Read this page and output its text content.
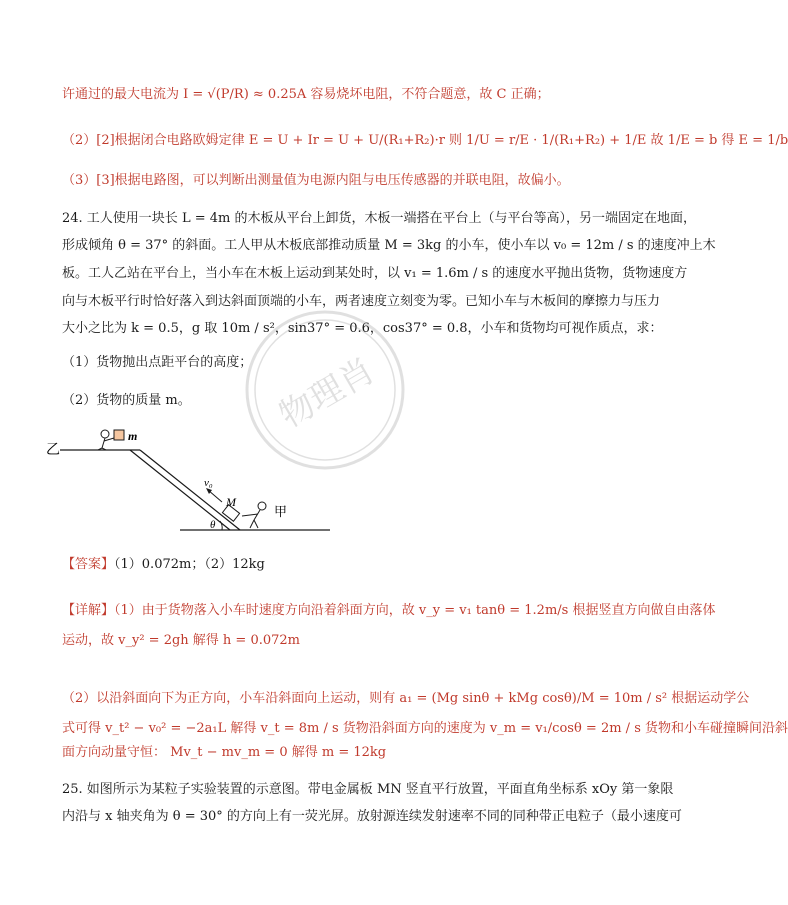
许通过的最大电流为 I = √(P/R) ≈ 0.25A 容易烧坏电阻，不符合题意，故 C 正确；
（2）[2]根据闭合电路欧姆定律 E = U + Ir = U + U/(R₁+R₂)·r 则 1/U = r/E · 1/(R₁+R₂) + 1/E 故 1/E = b 得 E = 1/b
（3）[3]根据电路图，可以判断出测量值为电源内阻与电压传感器的并联电阻，故偏小。
24. 工人使用一块长 L = 4m 的木板从平台上卸货，木板一端搭在平台上（与平台等高），另一端固定在地面，
形成倾角 θ = 37° 的斜面。工人甲从木板底部推动质量 M = 3kg 的小车，使小车以 v₀ = 12m / s 的速度冲上木
板。工人乙站在平台上，当小车在木板上运动到某处时，以 v₁ = 1.6m / s 的速度水平抛出货物，货物速度方
向与木板平行时恰好落入到达斜面顶端的小车，两者速度立刻变为零。已知小车与木板间的摩擦力与压力
大小之比为 k = 0.5，g 取 10m / s²，sin37° = 0.6，cos37° = 0.8，小车和货物均可视作质点，求：
（1）货物抛出点距平台的高度；
（2）货物的质量 m。
乙
m
v₀
M
甲
θ
物理肖
【答案】（1）0.072m；（2）12kg
【详解】（1）由于货物落入小车时速度方向沿着斜面方向，故 v_y = v₁ tanθ = 1.2m/s 根据竖直方向做自由落体
运动，故 v_y² = 2gh 解得 h = 0.072m
（2）以沿斜面向下为正方向，小车沿斜面向上运动，则有 a₁ = (Mg sinθ + kMg cosθ)/M = 10m / s² 根据运动学公
式可得 v_t² − v₀² = −2a₁L 解得 v_t = 8m / s 货物沿斜面方向的速度为 v_m = v₁/cosθ = 2m / s 货物和小车碰撞瞬间沿斜
面方向动量守恒： Mv_t − mv_m = 0 解得 m = 12kg
25. 如图所示为某粒子实验装置的示意图。带电金属板 MN 竖直平行放置，平面直角坐标系 xOy 第一象限
内沿与 x 轴夹角为 θ = 30° 的方向上有一荧光屏。放射源连续发射速率不同的同种带正电粒子（最小速度可
